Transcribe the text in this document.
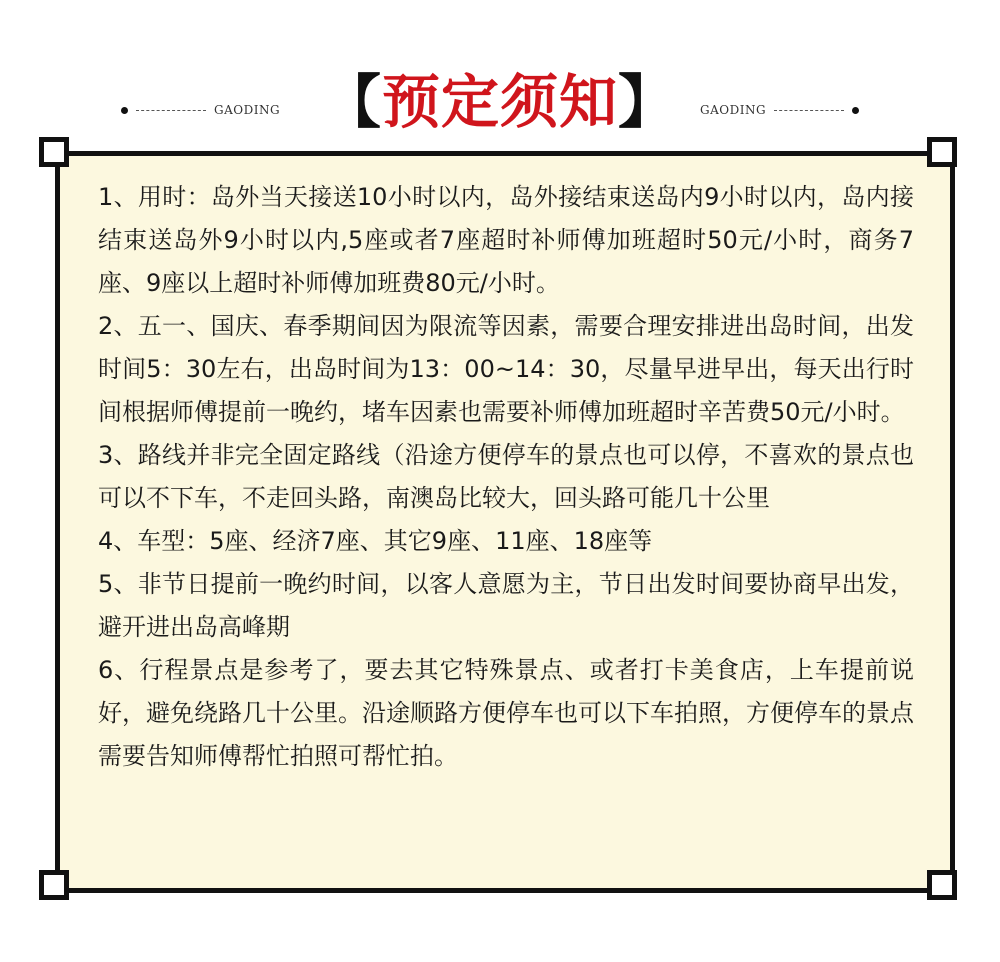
GAODING 【预定须知】	GAODING

1、用时：岛外当天接送10小时以内，岛外接结束送岛内9小时以内，岛内接结束送岛外9小时以内,5座或者7座超时补师傅加班超时50元/小时，商务7座、9座以上超时补师傅加班费80元/小时。

2、五一、国庆、春季期间因为限流等因素，需要合理安排进出岛时间，出发时间5：30左右，出岛时间为13：00~14：30，尽量早进早出，每天出行时间根据师傅提前一晚约，堵车因素也需要补师傅加班超时辛苦费50元/小时。

3、路线并非完全固定路线（沿途方便停车的景点也可以停，不喜欢的景点也可以不下车，不走回头路，南澳岛比较大，回头路可能几十公里

4、车型：5座、经济7座、其它9座、11座、18座等

5、非节日提前一晚约时间，以客人意愿为主，节日出发时间要协商早出发，避开进出岛高峰期

6、行程景点是参考了，要去其它特殊景点、或者打卡美食店，上车提前说好，避免绕路几十公里。沿途顺路方便停车也可以下车拍照，方便停车的景点需要告知师傅帮忙拍照可帮忙拍。
